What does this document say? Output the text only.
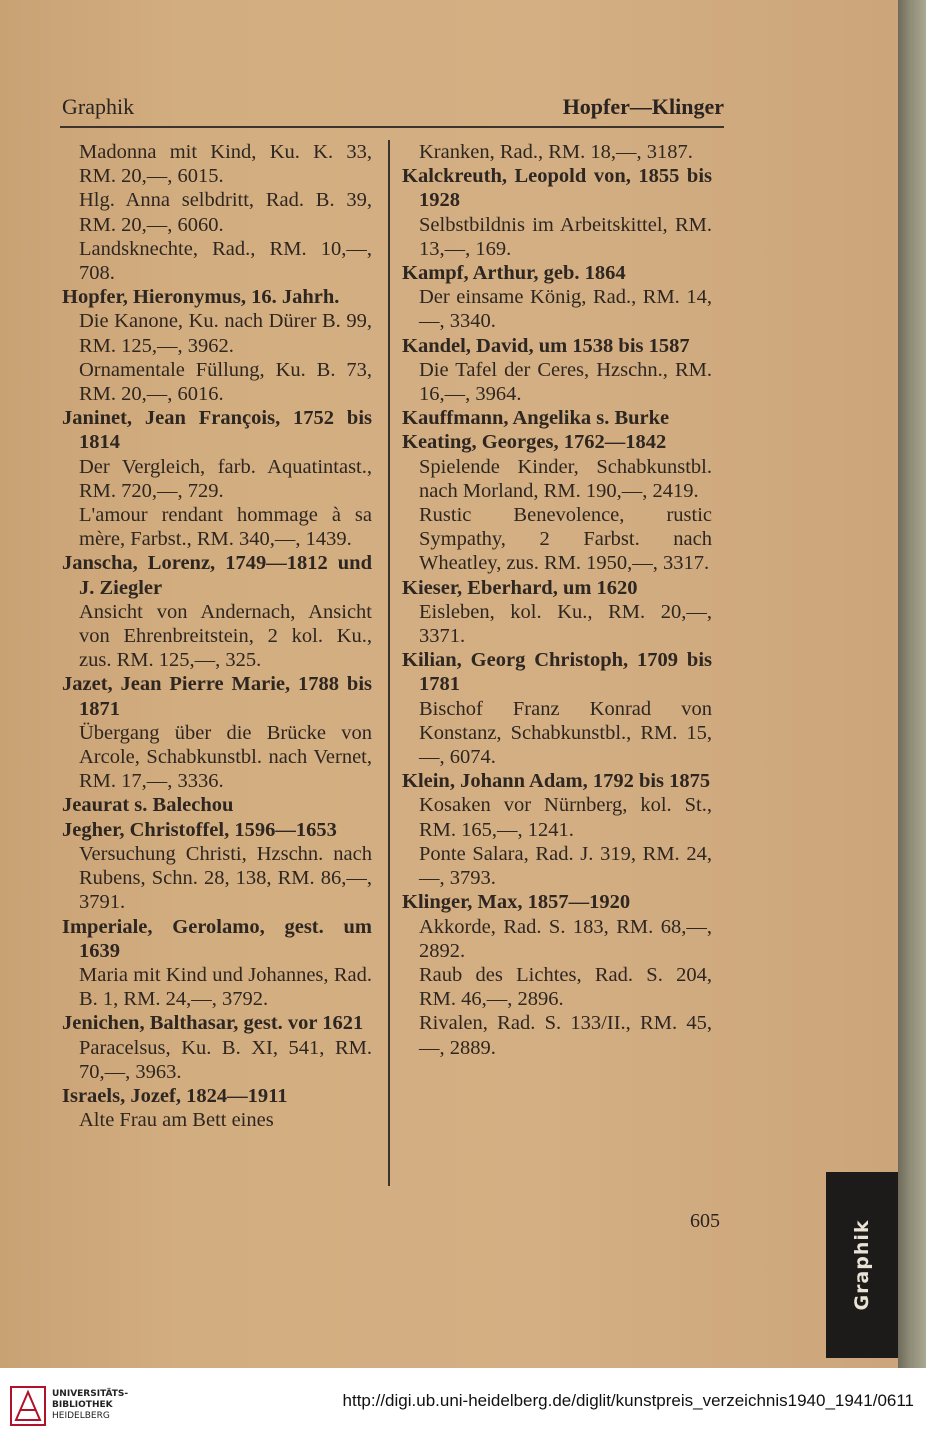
Graphik	Hopfer—Klinger

Madonna mit Kind, Ku. K. 33, RM. 20,—, 6015.

Hlg. Anna selbdritt, Rad. B. 39, RM. 20,—, 6060.

Landsknechte, Rad., RM. 10,—, 708.

Hopfer, Hieronymus, 16. Jahrh.

Die Kanone, Ku. nach Dürer B. 99, RM. 125,—, 3962.

Ornamentale Füllung, Ku. B. 73, RM. 20,—, 6016.

Janinet, Jean François, 1752 bis 1814

Der Vergleich, farb. Aquatintast., RM. 720,—, 729.

L'amour rendant hommage à sa mère, Farbst., RM. 340,—, 1439.

Janscha, Lorenz, 1749—1812 und J. Ziegler

Ansicht von Andernach, Ansicht von Ehrenbreitstein, 2 kol. Ku., zus. RM. 125,—, 325.

Jazet, Jean Pierre Marie, 1788 bis 1871

Übergang über die Brücke von Arcole, Schabkunstbl. nach Vernet, RM. 17,—, 3336.

Jeaurat s. Balechou

Jegher, Christoffel, 1596—1653

Versuchung Christi, Hzschn. nach Rubens, Schn. 28, 138, RM. 86,—, 3791.

Imperiale, Gerolamo, gest. um 1639

Maria mit Kind und Johannes, Rad. B. 1, RM. 24,—, 3792.

Jenichen, Balthasar, gest. vor 1621

Paracelsus, Ku. B. XI, 541, RM. 70,—, 3963.

Israels, Jozef, 1824—1911

Alte Frau am Bett eines

Kranken, Rad., RM. 18,—, 3187.

Kalckreuth, Leopold von, 1855 bis 1928

Selbstbildnis im Arbeitskittel, RM. 13,—, 169.

Kampf, Arthur, geb. 1864

Der einsame König, Rad., RM. 14,—, 3340.

Kandel, David, um 1538 bis 1587

Die Tafel der Ceres, Hzschn., RM. 16,—, 3964.

Kauffmann, Angelika s. Burke

Keating, Georges, 1762—1842

Spielende Kinder, Schabkunstbl. nach Morland, RM. 190,—, 2419.

Rustic Benevolence, rustic Sympathy, 2 Farbst. nach Wheatley, zus. RM. 1950,—, 3317.

Kieser, Eberhard, um 1620

Eisleben, kol. Ku., RM. 20,—, 3371.

Kilian, Georg Christoph, 1709 bis 1781

Bischof Franz Konrad von Konstanz, Schabkunstbl., RM. 15,—, 6074.

Klein, Johann Adam, 1792 bis 1875

Kosaken vor Nürnberg, kol. St., RM. 165,—, 1241.

Ponte Salara, Rad. J. 319, RM. 24,—, 3793.

Klinger, Max, 1857—1920

Akkorde, Rad. S. 183, RM. 68,—, 2892.

Raub des Lichtes, Rad. S. 204, RM. 46,—, 2896.

Rivalen, Rad. S. 133/II., RM. 45,—, 2889.

605	Graphik
UNIVERSITÄTS-
BIBLIOTHEK
HEIDELBERG
http://digi.ub.uni-heidelberg.de/diglit/kunstpreis_verzeichnis1940_1941/0611
